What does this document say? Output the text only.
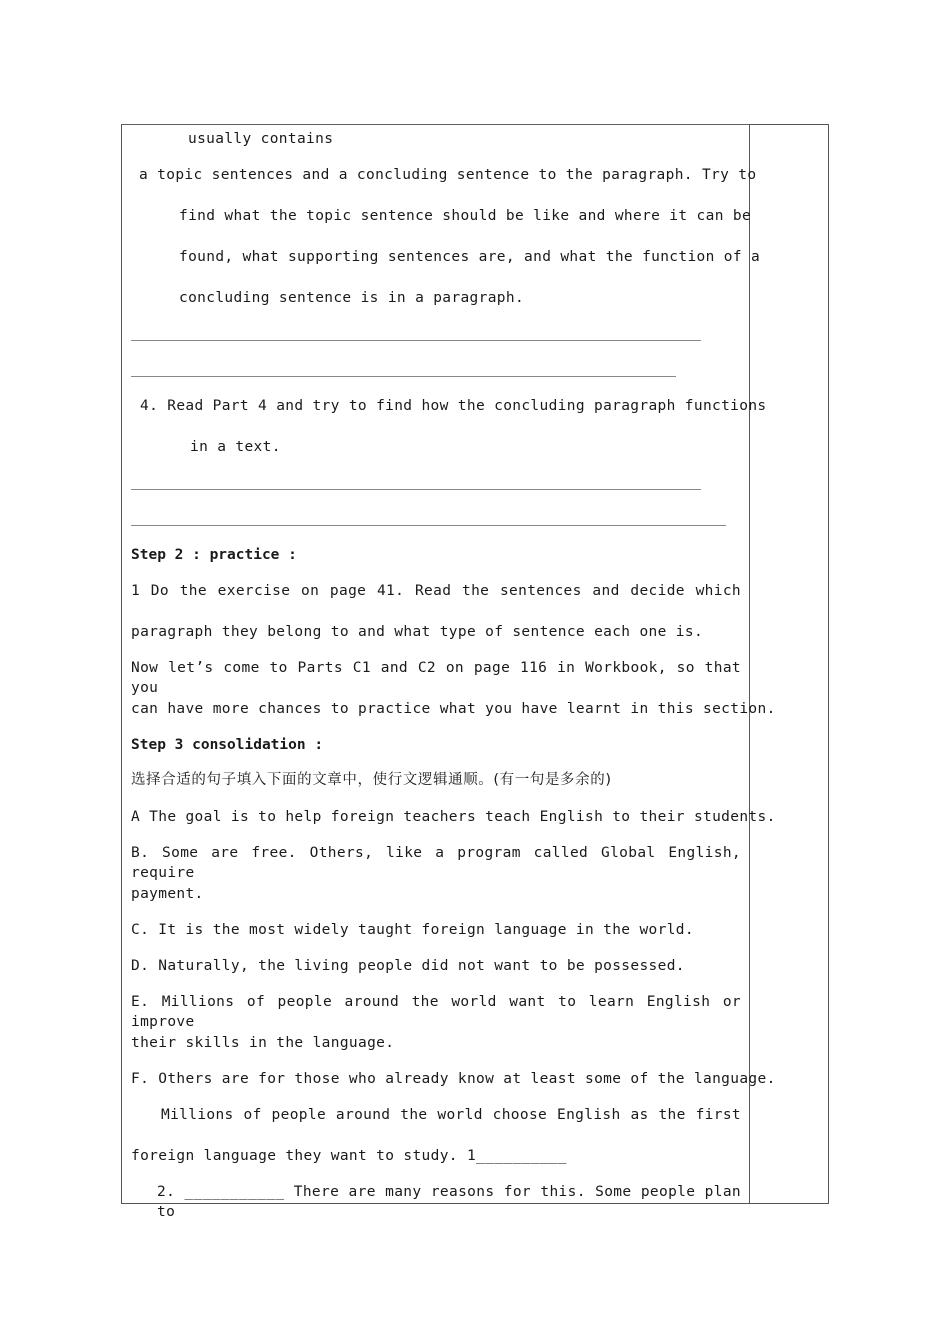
usually contains
a topic sentences and a concluding sentence to the paragraph. Try to
find what the topic sentence should be like and where it can be
found, what supporting sentences are, and what the function of a
concluding sentence is in a paragraph.
4. Read Part 4 and try to find how the concluding paragraph functions
in a text.
Step 2 : practice :
1 Do the exercise on page 41. Read the sentences and decide which
paragraph they belong to and what type of sentence each one is.
Now let’s come to Parts C1 and C2 on page 116 in Workbook, so that you
can have more chances to practice what you have learnt in this section.
Step 3 consolidation :
选择合适的句子填入下面的文章中，使行文逻辑通顺。(有一句是多余的)
A The goal is to help foreign teachers teach English to their students.
B. Some are free. Others, like a program called Global English, require
payment.
C. It is the most widely taught foreign language in the world.
D. Naturally, the living people did not want to be possessed.
E. Millions of people around the world want to learn English or improve
their skills in the language.
F. Others are for those who already know at least some of the language.
Millions of people around the world choose English as the first
foreign language they want to study. 1__________
2. ___________ There are many reasons for this. Some people plan to
